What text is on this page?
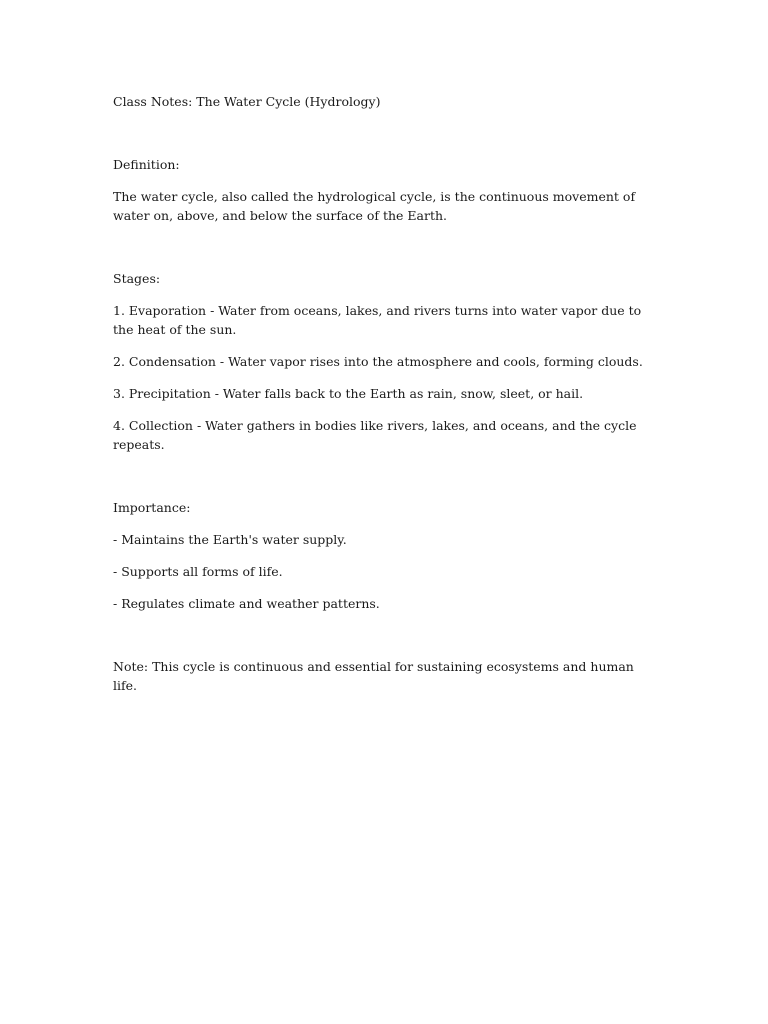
Class Notes: The Water Cycle (Hydrology)

Definition:

The water cycle, also called the hydrological cycle, is the continuous movement of water on, above, and below the surface of the Earth.

Stages:

1. Evaporation - Water from oceans, lakes, and rivers turns into water vapor due to the heat of the sun.

2. Condensation - Water vapor rises into the atmosphere and cools, forming clouds.

3. Precipitation - Water falls back to the Earth as rain, snow, sleet, or hail.

4. Collection - Water gathers in bodies like rivers, lakes, and oceans, and the cycle repeats.

Importance:

- Maintains the Earth's water supply.

- Supports all forms of life.

- Regulates climate and weather patterns.

Note: This cycle is continuous and essential for sustaining ecosystems and human life.
